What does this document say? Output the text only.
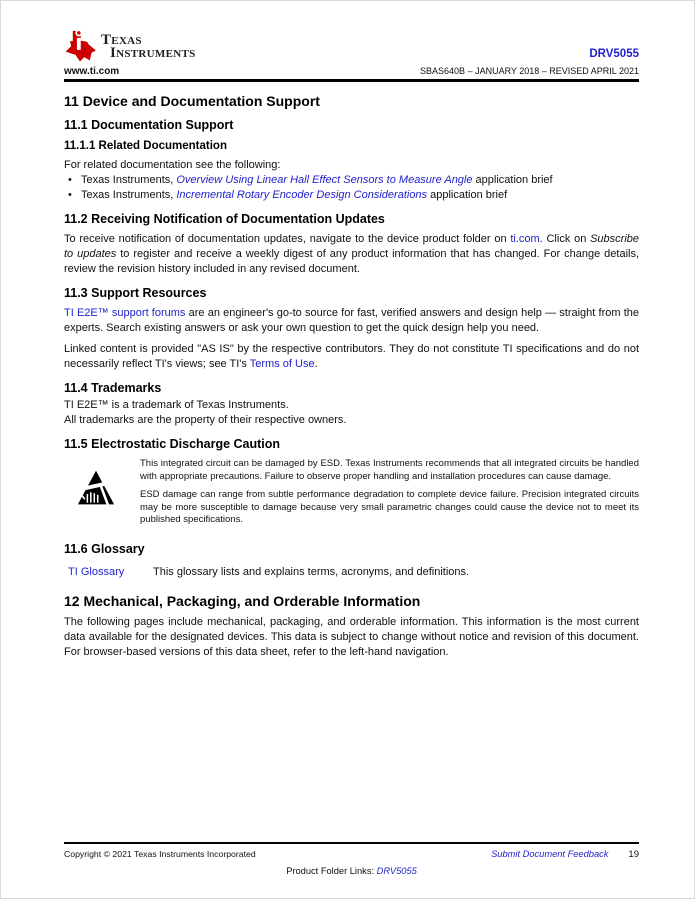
Texas
Instruments
www.ti.com
DRV5055
SBAS640B – JANUARY 2018 – REVISED APRIL 2021
11 Device and Documentation Support
11.1 Documentation Support
11.1.1 Related Documentation

For related documentation see the following:

• Texas Instruments, Overview Using Linear Hall Effect Sensors to Measure Angle application brief
• Texas Instruments, Incremental Rotary Encoder Design Considerations application brief
11.2 Receiving Notification of Documentation Updates

To receive notification of documentation updates, navigate to the device product folder on ti.com. Click on Subscribe to updates to register and receive a weekly digest of any product information that has changed. For change details, review the revision history included in any revised document.

11.3 Support Resources

TI E2E™ support forums are an engineer's go-to source for fast, verified answers and design help — straight from the experts. Search existing answers or ask your own question to get the quick design help you need.

Linked content is provided "AS IS" by the respective contributors. They do not constitute TI specifications and do not necessarily reflect TI's views; see TI's Terms of Use.

11.4 Trademarks

TI E2E™ is a trademark of Texas Instruments.

All trademarks are the property of their respective owners.

11.5 Electrostatic Discharge Caution

This integrated circuit can be damaged by ESD. Texas Instruments recommends that all integrated circuits be handled with appropriate precautions. Failure to observe proper handling and installation procedures can cause damage.

ESD damage can range from subtle performance degradation to complete device failure. Precision integrated circuits may be more susceptible to damage because very small parametric changes could cause the device not to meet its published specifications.

11.6 Glossary
TI Glossary	This glossary lists and explains terms, acronyms, and definitions.
12 Mechanical, Packaging, and Orderable Information

The following pages include mechanical, packaging, and orderable information. This information is the most current data available for the designated devices. This data is subject to change without notice and revision of this document. For browser-based versions of this data sheet, refer to the left-hand navigation.

Copyright © 2021 Texas Instruments Incorporated	Submit Document Feedback 19
Product Folder Links: DRV5055
